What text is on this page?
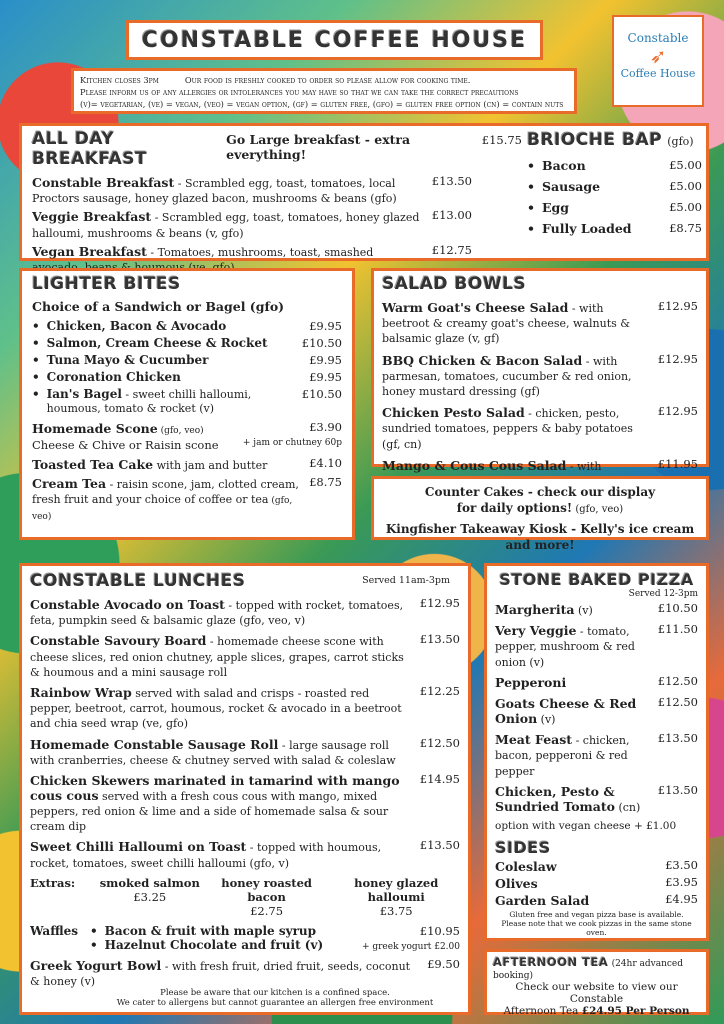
CONSTABLE COFFEE HOUSE	Constable
➶
Coffee House
Kitchen closes 3pm	Our food is freshly cooked to order so please allow for cooking time.
Please inform us of any allergies or intolerances you may have so that we can take the correct precautions
(v)= vegetarian, (ve) = vegan, (veo) = vegan option, (gf) = gluten free, (gfo) = gluten free option (cn) = contain nuts
ALL DAY BREAKFAST
Go Large breakfast - extra everything!
£15.75
Constable Breakfast - Scrambled egg, toast, tomatoes, local Proctors sausage, honey glazed bacon, mushrooms & beans (gfo)
£13.50
Veggie Breakfast - Scrambled egg, toast, tomatoes, honey glazed halloumi, mushrooms & beans (v, gfo)
£13.00
Vegan Breakfast - Tomatoes, mushrooms, toast, smashed	£12.75
BRIOCHE BAP (gfo)
• Bacon	£5.00
• Sausage	£5.00
• Egg	£5.00
• Fully Loaded	£8.75
LIGHTER BITES
Choice of a Sandwich or Bagel (gfo)
• Chicken, Bacon & Avocado	£9.95
• Salmon, Cream Cheese & Rocket	£10.50
• Tuna Mayo & Cucumber	£9.95
• Coronation Chicken	£9.95
• Ian's Bagel - sweet chilli halloumi, houmous, tomato & rocket (v)
£10.50
Homemade Scone (gfo, veo)	£3.90
Cheese & Chive or Raisin scone	+ jam or chutney 60p
Toasted Tea Cake with jam and butter	£4.10
Cream Tea - raisin scone, jam, clotted cream, fresh fruit and your choice of coffee or tea (gfo, veo)
£8.75
SALAD BOWLS
Warm Goat's Cheese Salad - with beetroot & creamy goat's cheese, walnuts & balsamic glaze (v, gf)
£12.95
BBQ Chicken & Bacon Salad - with parmesan, tomatoes, cucumber & red onion, honey mustard dressing (gf)
£12.95
Chicken Pesto Salad - chicken, pesto, sundried tomatoes, peppers & baby potatoes (gf, cn)
£12.95
Mango & Cous Cous Salad - with	£11.95
Counter Cakes - check our display
for daily options! (gfo, veo)
Kingfisher Takeaway Kiosk - Kelly's ice cream and more!
CONSTABLE LUNCHES	Served 11am-3pm
Constable Avocado on Toast - topped with rocket, tomatoes, feta, pumpkin seed & balsamic glaze (gfo, veo, v)
£12.95
Constable Savoury Board - homemade cheese scone with cheese slices, red onion chutney, apple slices, grapes, carrot sticks & houmous and a mini sausage roll
£13.50
Rainbow Wrap served with salad and crisps - roasted red pepper, beetroot, carrot, houmous, rocket & avocado in a beetroot and chia seed wrap (ve, gfo)
£12.25
Homemade Constable Sausage Roll - large sausage roll with cranberries, cheese & chutney served with salad & coleslaw
£12.50
Chicken Skewers marinated in tamarind with mango cous cous served with a fresh cous cous with mango, mixed peppers, red onion & lime and a side of homemade salsa & sour cream dip
£14.95
Sweet Chilli Halloumi on Toast - topped with houmous, rocket, tomatoes, sweet chilli halloumi (gfo, v)
£13.50
Extras:	smoked salmon
£3.25
honey roasted bacon
£2.75
honey glazed halloumi
£3.75
Waffles
•	Bacon & fruit with maple syrup
• Hazelnut Chocolate and fruit (v)
£10.95
+ greek yogurt £2.00
Greek Yogurt Bowl - with fresh fruit, dried fruit, seeds, coconut & honey (v)
£9.50
Please be aware that our kitchen is a confined space.
We cater to allergens but cannot guarantee an allergen free environment
STONE BAKED PIZZA
Served 12-3pm
Margherita (v)	£10.50
Very Veggie - tomato, pepper, mushroom & red onion (v)
£11.50
Pepperoni	£12.50
Goats Cheese & Red Onion (v)
£12.50
Meat Feast - chicken, bacon, pepperoni & red pepper
£13.50
Chicken, Pesto & Sundried Tomato (cn)
£13.50
option with vegan cheese + £1.00
SIDES
Coleslaw	£3.50
Olives	£3.95
Garden Salad	£4.95
Gluten free and vegan pizza base is available.
Please note that we cook pizzas in the same stone oven.
AFTERNOON TEA (24hr advanced booking)
Check our website to view our Constable
Afternoon Tea £24.95 Per Person
